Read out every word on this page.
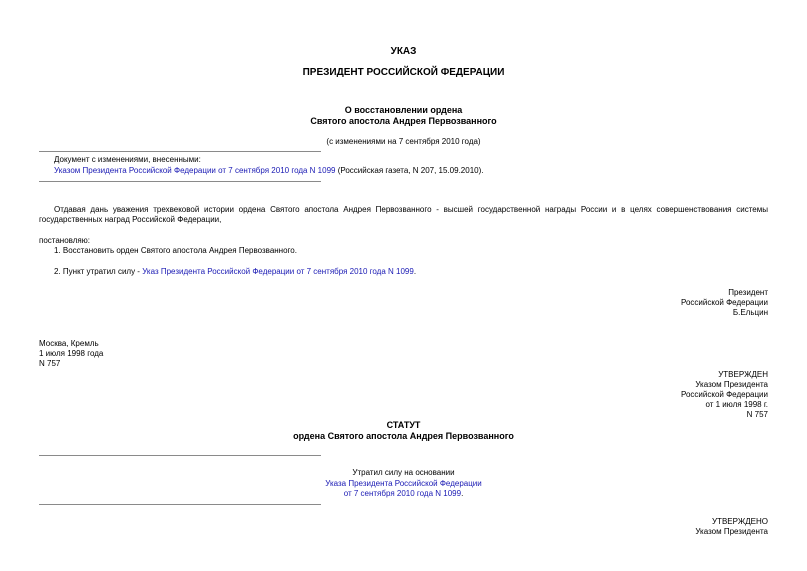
УКАЗ
ПРЕЗИДЕНТ РОССИЙСКОЙ ФЕДЕРАЦИИ
О восстановлении ордена
Святого апостола Андрея Первозванного
(с изменениями на 7 сентября 2010 года)
Документ с изменениями, внесенными:
Указом Президента Российской Федерации от 7 сентября 2010 года N 1099 (Российская газета, N 207, 15.09.2010).
Отдавая дань уважения трехвековой истории ордена Святого апостола Андрея Первозванного - высшей государственной награды России и в целях совершенствования системы государственных наград Российской Федерации,
постановляю:
1. Восстановить орден Святого апостола Андрея Первозванного.
2. Пункт утратил силу - Указ Президента Российской Федерации от 7 сентября 2010 года N 1099.
Президент
Российской Федерации
Б.Ельцин
Москва, Кремль
1 июля 1998 года
N 757
УТВЕРЖДЕН
Указом Президента
Российской Федерации
от 1 июля 1998 г.
N 757
СТАТУТ
ордена Святого апостола Андрея Первозванного
Утратил силу на основании
Указа Президента Российской Федерации
от 7 сентября 2010 года N 1099.
УТВЕРЖДЕНО
Указом Президента
